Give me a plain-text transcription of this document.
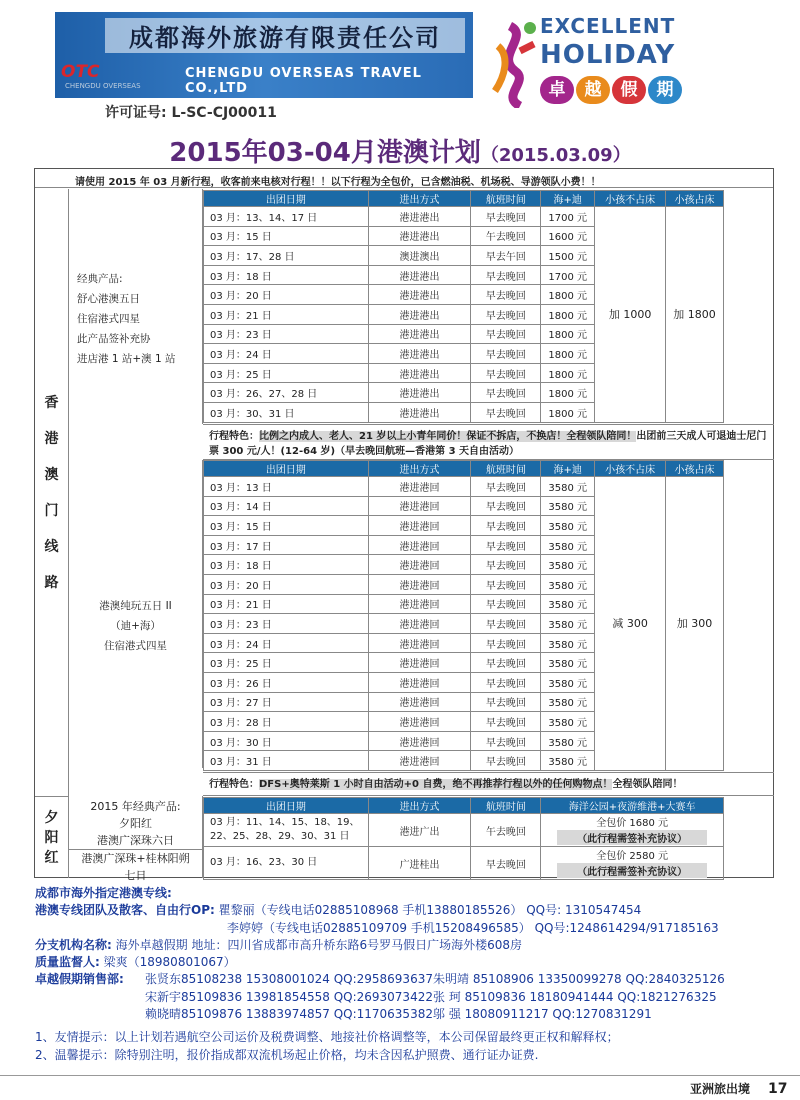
成都海外旅游有限责任公司
OTC
CHENGDU OVERSEAS
CHENGDU OVERSEAS TRAVEL CO.,LTD
EXCELLENT
HOLIDAY
卓	越	假	期
许可证号: L-SC-CJ00011
2015年03-04月港澳计划（2015.03.09）
请使用 2015 年 03 月新行程，收客前来电核对行程！！以下行程为全包价，已含燃油税、机场税、导游领队小费！！
香
港
澳
门
线
路
夕
阳
红
经典产品:
舒心港澳五日
住宿港式四星
此产品签补充协
进店港 1 站+澳 1 站
出团日期	进出方式	航班时间	海+迪	小孩不占床	小孩占床
03 月：13、14、17 日	港进港出	早去晚回	1700 元	加 1000	加 1800
03 月：15 日	港进港出	午去晚回	1600 元		
03 月：17、28 日	澳进澳出	早去午回	1500 元		
03 月：18 日	港进港出	早去晚回	1700 元		
03 月：20 日	港进港出	早去晚回	1800 元		
03 月：21 日	港进港出	早去晚回	1800 元		
03 月：23 日	港进港出	早去晚回	1800 元		
03 月：24 日	港进港出	早去晚回	1800 元		
03 月：25 日	港进港出	早去晚回	1800 元		
03 月：26、27、28 日	港进港出	早去晚回	1800 元		
03 月：30、31 日	港进港出	早去晚回	1800 元		
行程特色：比例之内成人、老人、21 岁以上小青年同价！保证不拆店，不换店！全程领队陪同！出团前三天成人可退迪士尼门票 300 元/人！(12-64 岁)（早去晚回航班—香港第 3 天自由活动）
港澳纯玩五日 II
（迪+海）
住宿港式四星
出团日期	进出方式	航班时间	海+迪	小孩不占床	小孩占床
03 月：13 日	港进港回	早去晚回	3580 元	减 300	加 300
03 月：14 日	港进港回	早去晚回	3580 元		
03 月：15 日	港进港回	早去晚回	3580 元		
03 月：17 日	港进港回	早去晚回	3580 元		
03 月：18 日	港进港回	早去晚回	3580 元		
03 月：20 日	港进港回	早去晚回	3580 元		
03 月：21 日	港进港回	早去晚回	3580 元		
03 月：23 日	港进港回	早去晚回	3580 元		
03 月：24 日	港进港回	早去晚回	3580 元		
03 月：25 日	港进港回	早去晚回	3580 元		
03 月：26 日	港进港回	早去晚回	3580 元		
03 月：27 日	港进港回	早去晚回	3580 元		
03 月：28 日	港进港回	早去晚回	3580 元		
03 月：30 日	港进港回	早去晚回	3580 元		
03 月：31 日	港进港回	早去晚回	3580 元		
行程特色：DFS+奥特莱斯 1 小时自由活动+0 自费，绝不再推荐行程以外的任何购物点！全程领队陪同！
2015 年经典产品:
夕阳红
港澳广深珠六日
港澳广深珠+桂林阳朔
七日
出团日期	进出方式	航班时间	海洋公园+夜游维港+大赛车
03 月：11、14、15、18、19、22、25、28、29、30、31 日	港进广出	午去晚回	全包价 1680 元
（此行程需签补充协议）

03 月：16、23、30 日	广进桂出	早去晚回	全包价 2580 元
（此行程需签补充协议）
成都市海外指定港澳专线:
港澳专线团队及散客、自由行OP: 瞿黎丽（专线电话02885108968 手机13880185526） QQ号: 1310547454
李婷婷（专线电话02885109709 手机15208496585） QQ号:1248614294/917185163
分支机构名称: 海外卓越假期 地址：四川省成都市高升桥东路6号罗马假日广场海外楼608房
质量监督人: 梁爽（18980801067）
卓越假期销售部:	张贤东85108238 15308001024 QQ:2958693637 朱明靖 85108906 13350099278 QQ:2840325126
宋新宇85109836 13981854558 QQ:2693073422 张 珂 85109836 18180941444 QQ:1821276325
赖晓晴85109876 13883974857 QQ:1170635382 邬 强 18080911217 QQ:1270831291
1、友情提示：以上计划若遇航空公司运价及税费调整、地接社价格调整等，本公司保留最终更正权和解释权；
2、温馨提示：除特别注明，报价指成都双流机场起止价格，均未含因私护照费、通行证办证费.
亚洲旅出境 17
